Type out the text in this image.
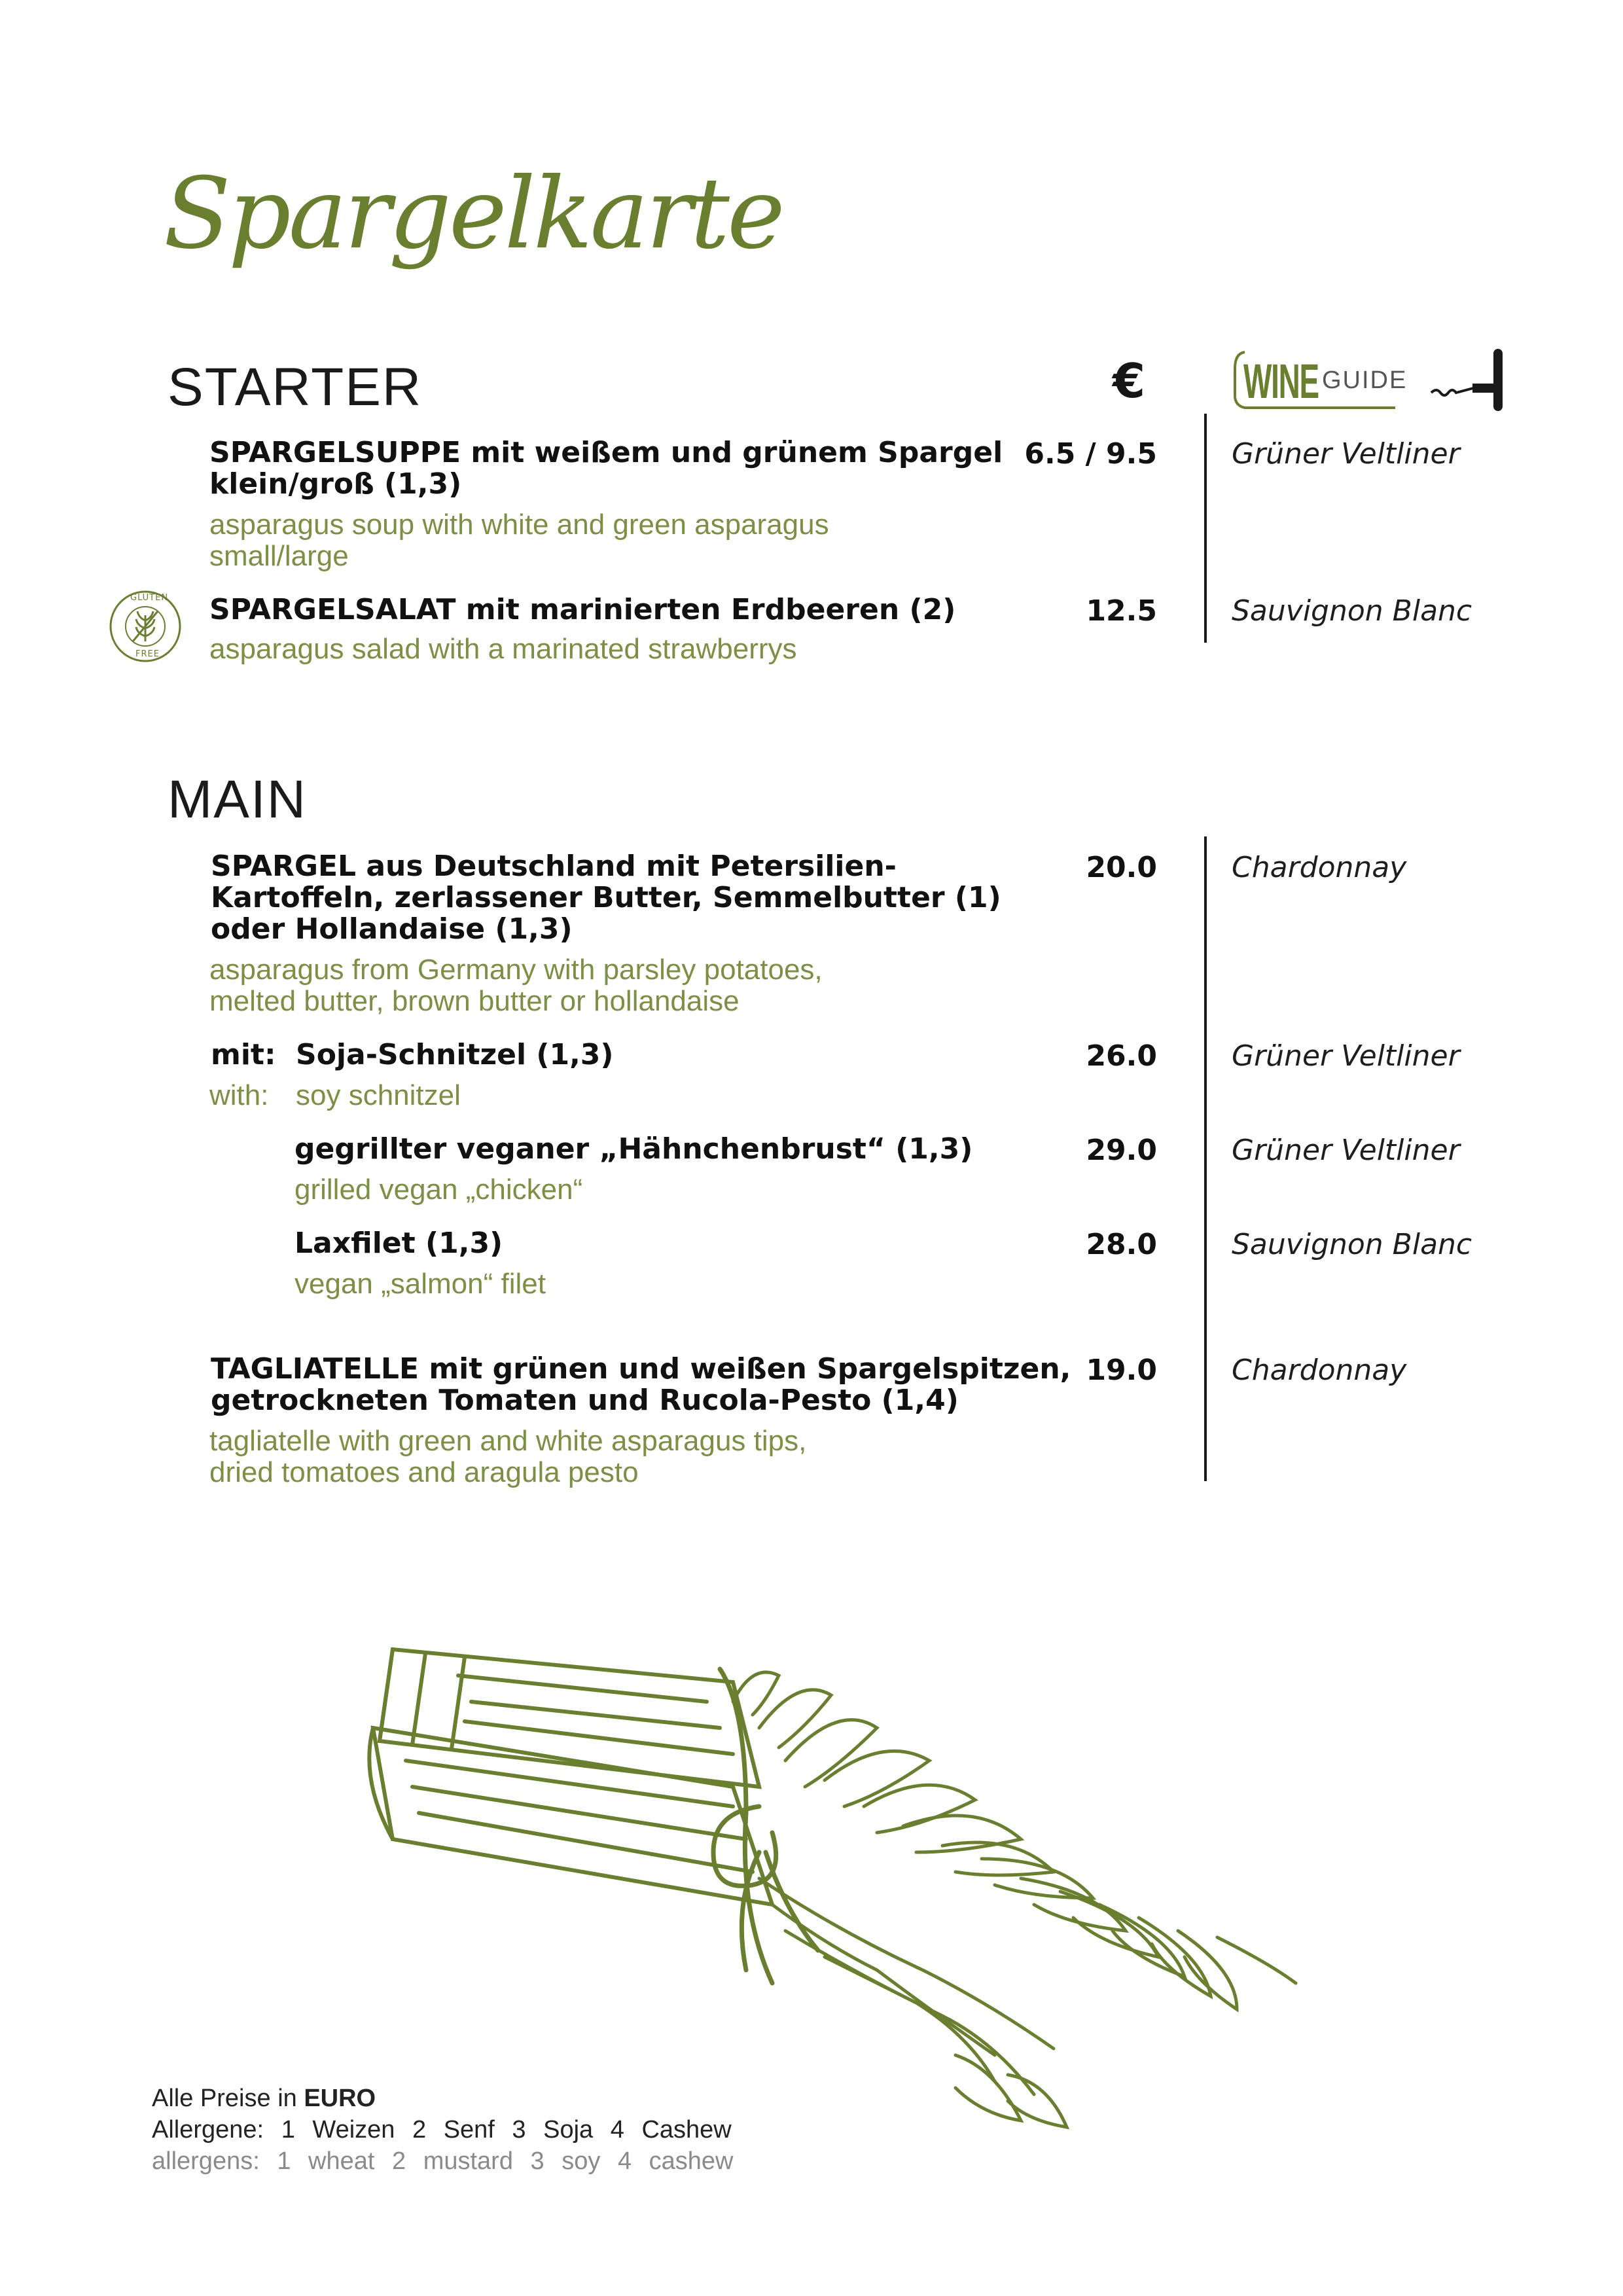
Spargelkarte
STARTER	€ WINE GUIDE
SPARGELSUPPE mit weißem und grünem Spargel
klein/groß (1,3)
asparagus soup with white and green asparagus
small/large
6.5 / 9.5	Grüner Veltliner
GLUTEN
FREE
SPARGELSALAT mit marinierten Erdbeeren (2)
asparagus salad with a marinated strawberrys
12.5	Sauvignon Blanc
MAIN
SPARGEL aus Deutschland mit Petersilien-
Kartoffeln, zerlassener Butter, Semmelbutter (1)
oder Hollandaise (1,3)
asparagus from Germany with parsley potatoes,
melted butter, brown butter or hollandaise
20.0	Chardonnay
mit: Soja-Schnitzel (1,3)
with: soy schnitzel
26.0	Grüner Veltliner
gegrillter veganer „Hähnchenbrust“ (1,3)
grilled vegan „chicken“
29.0	Grüner Veltliner
Laxfilet (1,3)
vegan „salmon“ filet
28.0	Sauvignon Blanc
TAGLIATELLE mit grünen und weißen Spargelspitzen,
getrockneten Tomaten und Rucola-Pesto (1,4)
tagliatelle with green and white asparagus tips,
dried tomatoes and aragula pesto
19.0	Chardonnay
Alle Preise in EURO
Allergene: 1 Weizen 2 Senf 3 Soja 4 Cashew
allergens: 1 wheat 2 mustard 3 soy 4 cashew
